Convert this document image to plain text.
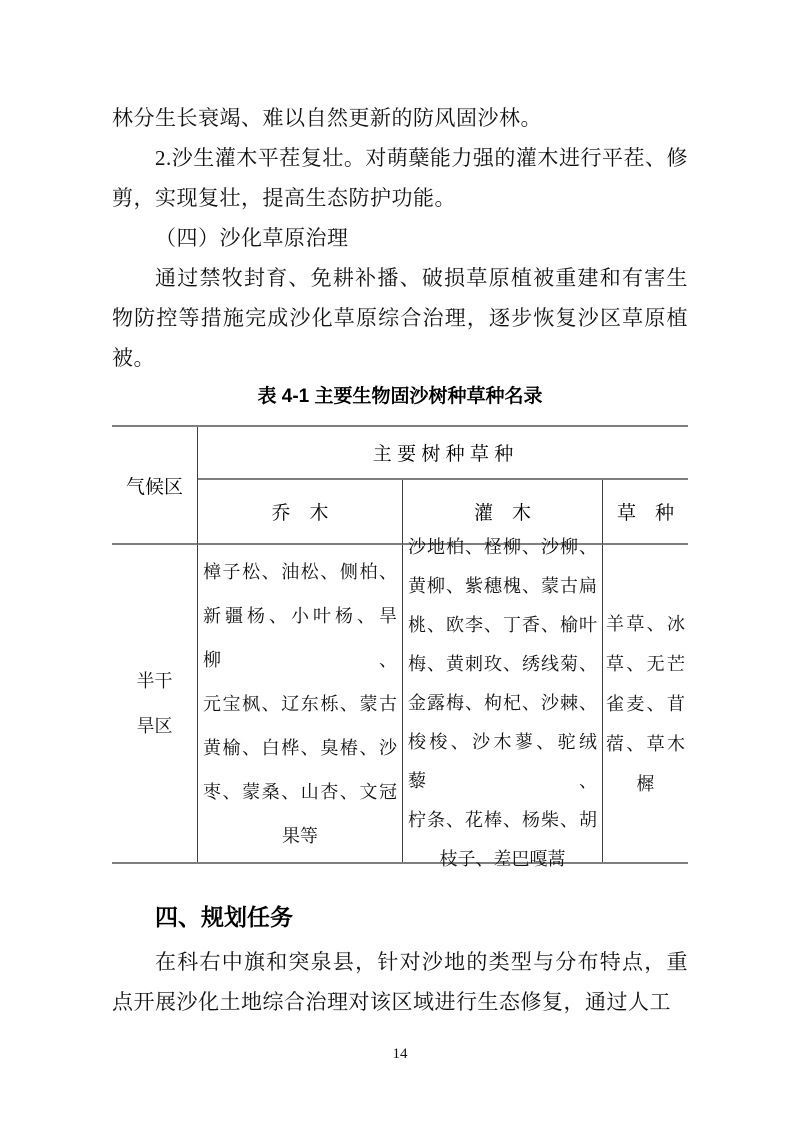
林分生长衰竭、难以自然更新的防风固沙林。

2.沙生灌木平茬复壮。对萌蘖能力强的灌木进行平茬、修剪，实现复壮，提高生态防护功能。

（四）沙化草原治理

通过禁牧封育、免耕补播、破损草原植被重建和有害生物防控等措施完成沙化草原综合治理，逐步恢复沙区草原植被。

表 4-1 主要生物固沙树种草种名录
气候区
主 要 树 种 草 种
乔　木	灌　木	草　种
半干
旱区
樟子松、油松、侧柏、
新疆杨、小叶杨、旱柳、
元宝枫、辽东栎、蒙古
黄榆、白桦、臭椿、沙
枣、蒙桑、山杏、文冠
果等
沙地柏、柽柳、沙柳、
黄柳、紫穗槐、蒙古扁
桃、欧李、丁香、榆叶
梅、黄刺玫、绣线菊、
金露梅、枸杞、沙棘、
梭梭、沙木蓼、驼绒藜、
柠条、花棒、杨柴、胡
枝子、差巴嘎蒿
羊草、冰
草、无芒
雀麦、苜
蓿、草木
樨
四、规划任务

在科右中旗和突泉县，针对沙地的类型与分布特点，重点开展沙化土地综合治理对该区域进行生态修复，通过人工

14
